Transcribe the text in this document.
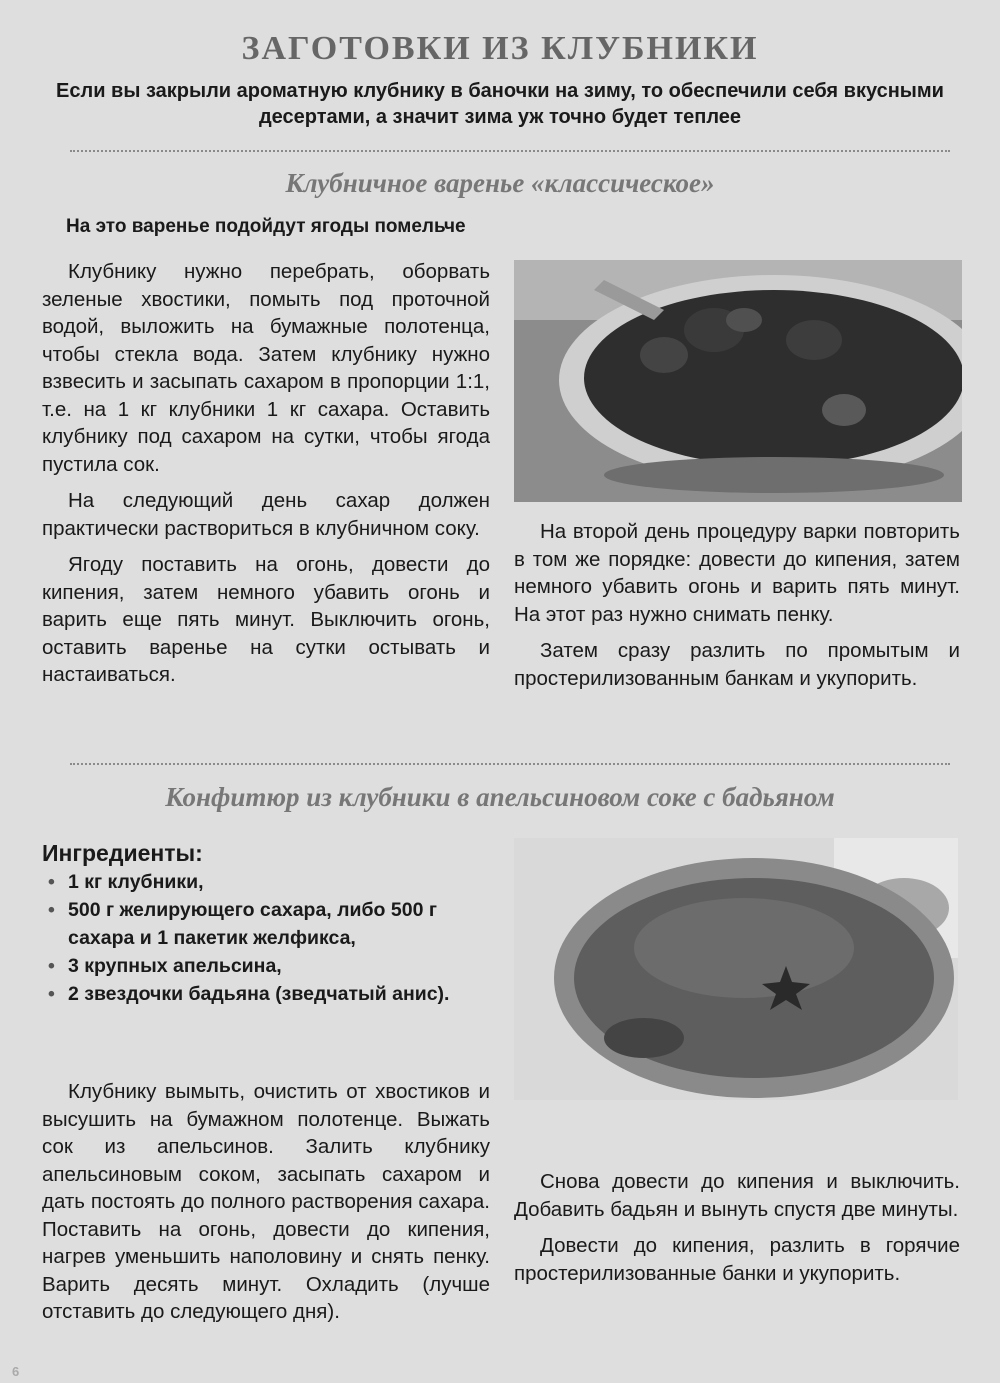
ЗАГОТОВКИ ИЗ КЛУБНИКИ
Если вы закрыли ароматную клубнику в баночки на зиму, то обеспечили себя вкусными десертами, а значит зима уж точно будет теплее
Клубничное варенье «классическое»
На это варенье подойдут ягоды помельче

Клубнику нужно перебрать, оборвать зеленые хвостики, помыть под проточной водой, выложить на бумажные полотенца, чтобы стекла вода. Затем клубнику нужно взвесить и засыпать сахаром в пропорции 1:1, т.е. на 1 кг клубники 1 кг сахара. Оставить клубнику под сахаром на сутки, чтобы ягода пустила сок.

На следующий день сахар должен практически раствориться в клубничном соку.

Ягоду поставить на огонь, довести до кипения, затем немного убавить огонь и варить еще пять минут. Выключить огонь, оставить варенье на сутки остывать и настаиваться.

На второй день процедуру варки повторить в том же порядке: довести до кипения, затем немного убавить огонь и варить пять минут. На этот раз нужно снимать пенку.

Затем сразу разлить по промытым и простерилизованным банкам и укупорить.

Конфитюр из клубники в апельсиновом соке с бадьяном
Ингредиенты:
• 1 кг клубники,
• 500 г желирующего сахара, либо 500 г сахара и 1 пакетик желфикса,
• 3 крупных апельсина,
• 2 звездочки бадьяна (зведчатый анис).

Клубнику вымыть, очистить от хвостиков и высушить на бумажном полотенце. Выжать сок из апельсинов. Залить клубнику апельсиновым соком, засыпать сахаром и дать постоять до полного растворения сахара. Поставить на огонь, довести до кипения, нагрев уменьшить наполовину и снять пенку. Варить десять минут. Охладить (лучше отставить до следующего дня).

Снова довести до кипения и выключить. Добавить бадьян и вынуть спустя две минуты.

Довести до кипения, разлить в горячие простерилизованные банки и укупорить.

6
